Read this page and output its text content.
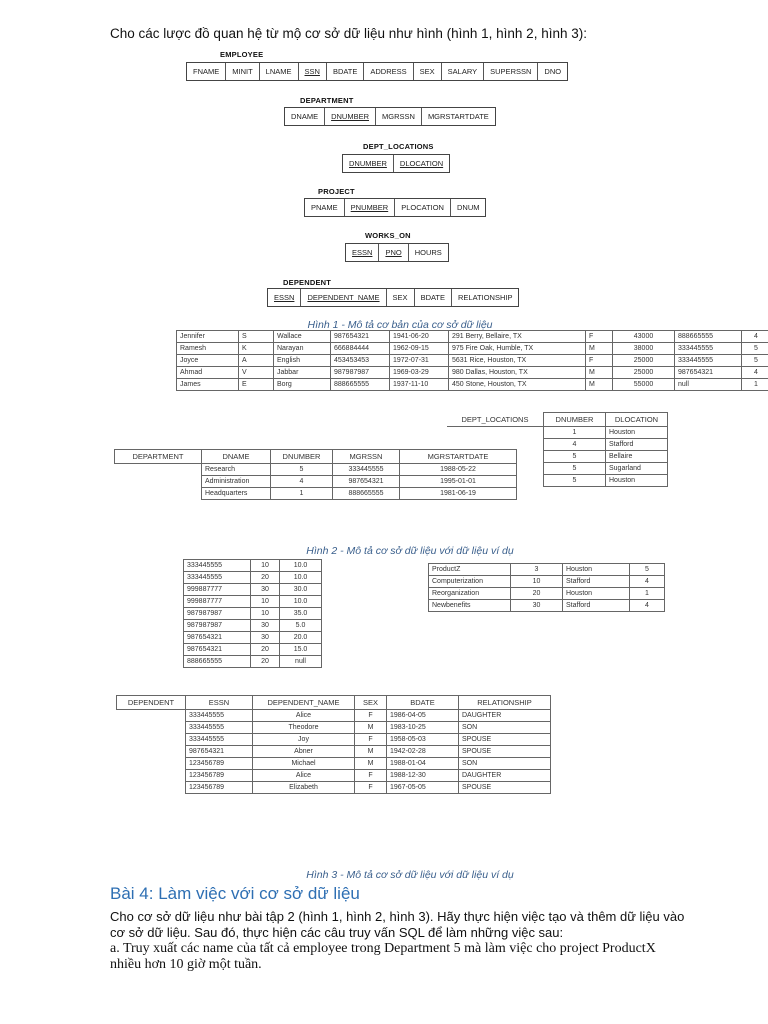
Cho các lược đồ quan hệ từ mộ cơ sở dữ liệu như hình (hình 1, hình 2, hình 3):
EMPLOYEE
FNAME	MINIT	LNAME	SSN	BDATE	ADDRESS	SEX	SALARY	SUPERSSN	DNO
DEPARTMENT
DNAME	DNUMBER	MGRSSN	MGRSTARTDATE
DEPT_LOCATIONS
DNUMBER	DLOCATION
PROJECT
PNAME	PNUMBER	PLOCATION	DNUM
WORKS_ON
ESSN	PNO	HOURS
DEPENDENT
ESSN	DEPENDENT_NAME	SEX	BDATE	RELATIONSHIP
Hình 1 - Mô tả cơ bản của cơ sở dữ liệu
Jennifer	S	Wallace	987654321	1941-06-20	291 Berry, Bellaire, TX	F	43000	888665555	4
Ramesh	K	Narayan	666884444	1962-09-15	975 Fire Oak, Humble, TX	M	38000	333445555	5
Joyce	A	English	453453453	1972-07-31	5631 Rice, Houston, TX	F	25000	333445555	5
Ahmad	V	Jabbar	987987987	1969-03-29	980 Dallas, Houston, TX	M	25000	987654321	4
James	E	Borg	888665555	1937-11-10	450 Stone, Houston, TX	M	55000	null	1
DEPT_LOCATIONS	DNUMBER	DLOCATION
	1	Houston
	4	Stafford
	5	Bellaire
	5	Sugarland
	5	Houston
DEPARTMENT	DNAME	DNUMBER	MGRSSN	MGRSTARTDATE
	Research	5	333445555	1988-05-22
	Administration	4	987654321	1995-01-01
	Headquarters	1	888665555	1981-06-19
Hình 2 - Mô tả cơ sở dữ liệu với dữ liệu ví dụ
333445555	10	10.0
333445555	20	10.0
999887777	30	30.0
999887777	10	10.0
987987987	10	35.0
987987987	30	5.0
987654321	30	20.0
987654321	20	15.0
888665555	20	null
ProductZ	3	Houston	5
Computerization	10	Stafford	4
Reorganization	20	Houston	1
Newbenefits	30	Stafford	4
DEPENDENT	ESSN	DEPENDENT_NAME	SEX	BDATE	RELATIONSHIP
	333445555	Alice	F	1986-04-05	DAUGHTER
	333445555	Theodore	M	1983-10-25	SON
	333445555	Joy	F	1958-05-03	SPOUSE
	987654321	Abner	M	1942-02-28	SPOUSE
	123456789	Michael	M	1988-01-04	SON
	123456789	Alice	F	1988-12-30	DAUGHTER
	123456789	Elizabeth	F	1967-05-05	SPOUSE
Hình 3 - Mô tả cơ sở dữ liệu với dữ liệu ví dụ
Bài 4: Làm việc với cơ sở dữ liệu
Cho cơ sở dữ liệu như bài tập 2 (hình 1, hình 2, hình 3). Hãy thực hiện việc tạo và thêm dữ liệu vào cơ sở dữ liệu. Sau đó, thực hiện các câu truy vấn SQL để làm những việc sau:
a. Truy xuất các name của tất cả employee trong Department 5 mà làm việc cho project ProductX nhiều hơn 10 giờ một tuần.
